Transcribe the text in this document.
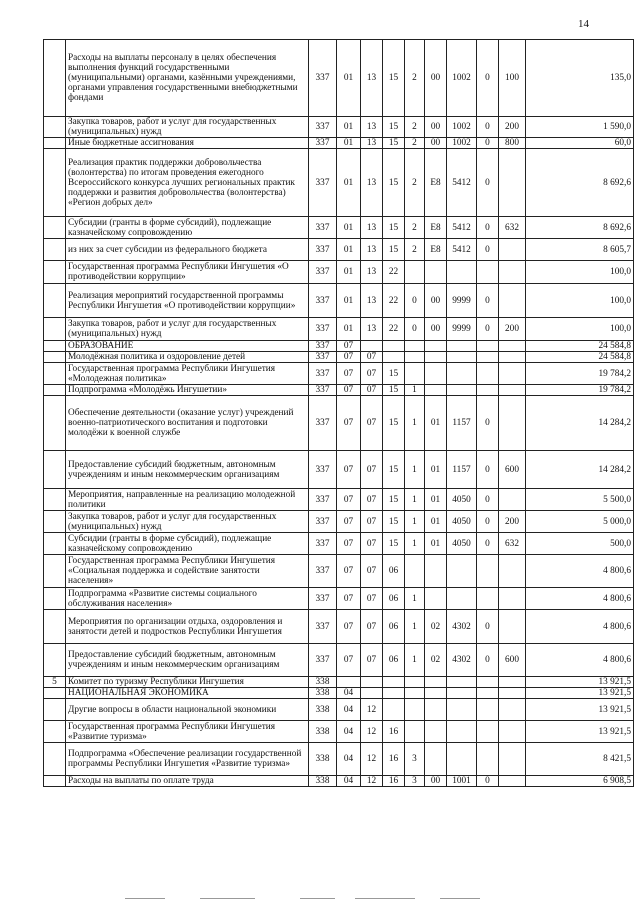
14
	Расходы на выплаты персоналу в целях обеспечения выполнения функций государственными (муниципальными) органами, казёнными учреждениями, органами управления государственными внебюджетными фондами	337	01	13	15	2	00	1002	0	100	135,0
	Закупка товаров, работ и услуг для государственных (муниципальных) нужд	337	01	13	15	2	00	1002	0	200	1 590,0
	Иные бюджетные ассигнования	337	01	13	15	2	00	1002	0	800	60,0
	Реализация практик поддержки добровольчества (волонтерства) по итогам проведения ежегодного Всероссийского конкурса лучших региональных практик поддержки и развития добровольчества (волонтерства) «Регион добрых дел»	337	01	13	15	2	E8	5412	0		8 692,6
	Субсидии (гранты в форме субсидий), подлежащие казначейскому сопровождению	337	01	13	15	2	E8	5412	0	632	8 692,6
	из них за счет субсидии из федерального бюджета	337	01	13	15	2	E8	5412	0		8 605,7
	Государственная программа Республики Ингушетия «О противодействии коррупции»	337	01	13	22						100,0
	Реализация мероприятий государственной программы Республики Ингушетия «О противодействии коррупции»	337	01	13	22	0	00	9999	0		100,0
	Закупка товаров, работ и услуг для государственных (муниципальных) нужд	337	01	13	22	0	00	9999	0	200	100,0
	ОБРАЗОВАНИЕ	337	07								24 584,8
	Молодёжная политика и оздоровление детей	337	07	07							24 584,8
	Государственная программа Республики Ингушетия «Молодежная политика»	337	07	07	15						19 784,2
	Подпрограмма «Молодёжь Ингушетии»	337	07	07	15	1					19 784,2
	Обеспечение деятельности (оказание услуг) учреждений военно-патриотического воспитания и подготовки молодёжи к военной службе	337	07	07	15	1	01	1157	0		14 284,2
	Предоставление субсидий бюджетным, автономным учреждениям и иным некоммерческим организациям	337	07	07	15	1	01	1157	0	600	14 284,2
	Мероприятия, направленные на реализацию молодежной политики	337	07	07	15	1	01	4050	0		5 500,0
	Закупка товаров, работ и услуг для государственных (муниципальных) нужд	337	07	07	15	1	01	4050	0	200	5 000,0
	Субсидии (гранты в форме субсидий), подлежащие казначейскому сопровождению	337	07	07	15	1	01	4050	0	632	500,0
	Государственная программа Республики Ингушетия «Социальная поддержка и содействие занятости населения»	337	07	07	06						4 800,6
	Подпрограмма «Развитие системы социального обслуживания населения»	337	07	07	06	1					4 800,6
	Мероприятия по организации отдыха, оздоровления и занятости детей и подростков Республики Ингушетия	337	07	07	06	1	02	4302	0		4 800,6
	Предоставление субсидий бюджетным, автономным учреждениям и иным некоммерческим организациям	337	07	07	06	1	02	4302	0	600	4 800,6
5	Комитет по туризму Республики Ингушетия	338									13 921,5
	НАЦИОНАЛЬНАЯ ЭКОНОМИКА	338	04								13 921,5
	Другие вопросы в области национальной экономики	338	04	12							13 921,5
	Государственная программа Республики Ингушетия «Развитие туризма»	338	04	12	16						13 921,5
	Подпрограмма «Обеспечение реализации государственной программы Республики Ингушетия «Развитие туризма»	338	04	12	16	3					8 421,5
	Расходы на выплаты по оплате труда	338	04	12	16	3	00	1001	0		6 908,5
